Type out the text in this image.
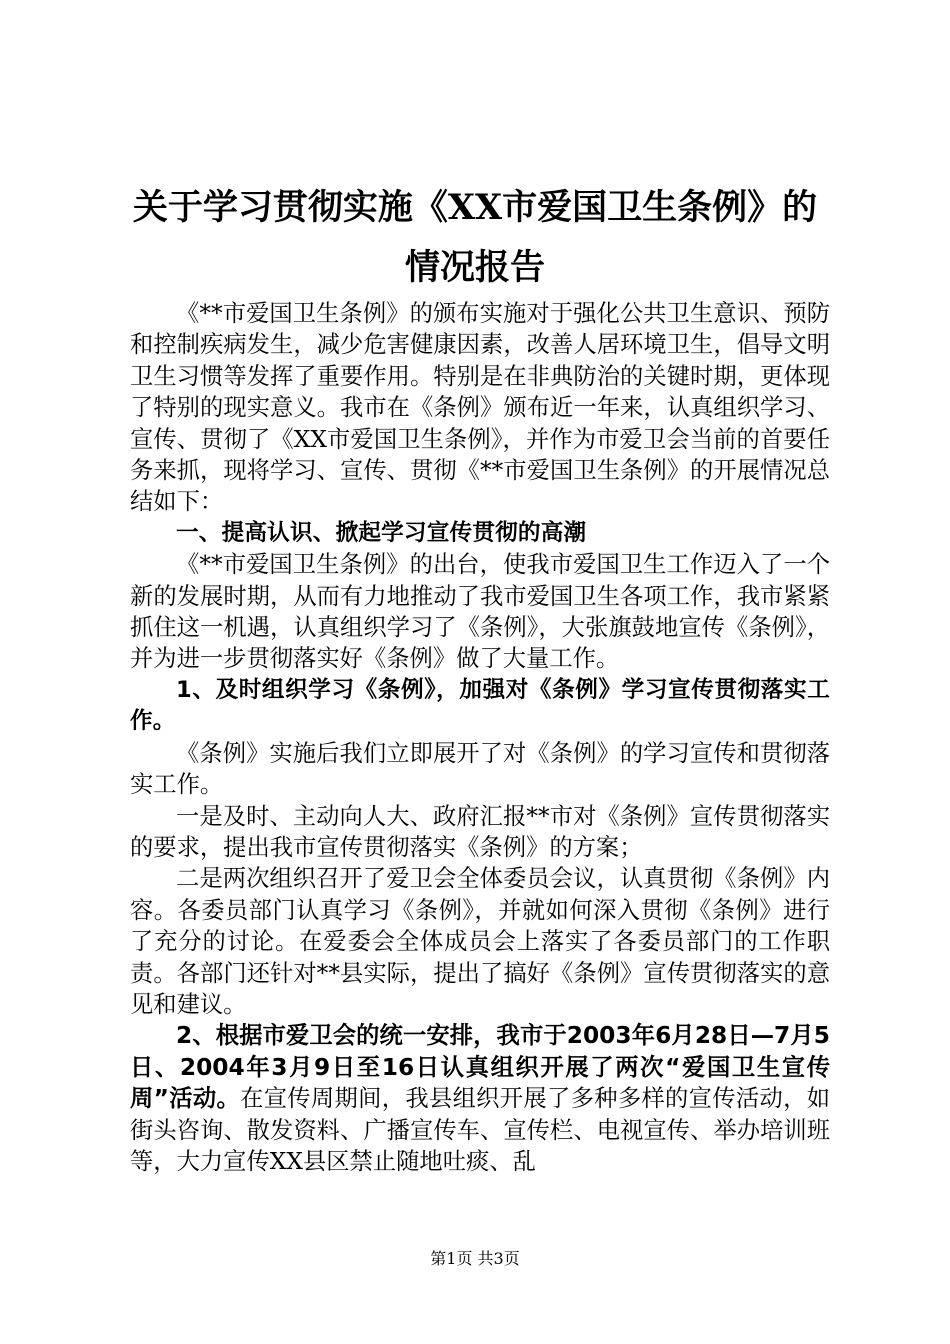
关于学习贯彻实施《XX市爱国卫生条例》的
情况报告

《**市爱国卫生条例》的颁布实施对于强化公共卫生意识、预防和控制疾病发生，减少危害健康因素，改善人居环境卫生，倡导文明卫生习惯等发挥了重要作用。特别是在非典防治的关键时期，更体现了特别的现实意义。我市在《条例》颁布近一年来，认真组织学习、宣传、贯彻了《XX市爱国卫生条例》，并作为市爱卫会当前的首要任务来抓，现将学习、宣传、贯彻《**市爱国卫生条例》的开展情况总结如下：

一、提高认识、掀起学习宣传贯彻的高潮

《**市爱国卫生条例》的出台，使我市爱国卫生工作迈入了一个新的发展时期，从而有力地推动了我市爱国卫生各项工作，我市紧紧抓住这一机遇，认真组织学习了《条例》，大张旗鼓地宣传《条例》，并为进一步贯彻落实好《条例》做了大量工作。

1、及时组织学习《条例》，加强对《条例》学习宣传贯彻落实工作。

《条例》实施后我们立即展开了对《条例》的学习宣传和贯彻落实工作。

一是及时、主动向人大、政府汇报**市对《条例》宣传贯彻落实的要求，提出我市宣传贯彻落实《条例》的方案；

二是两次组织召开了爱卫会全体委员会议，认真贯彻《条例》内容。各委员部门认真学习《条例》，并就如何深入贯彻《条例》进行了充分的讨论。在爱委会全体成员会上落实了各委员部门的工作职责。各部门还针对**县实际，提出了搞好《条例》宣传贯彻落实的意见和建议。

2、根据市爱卫会的统一安排，我市于2003年6月28日—7月5日、2004年3月9日至16日认真组织开展了两次“爱国卫生宣传周”活动。在宣传周期间，我县组织开展了多种多样的宣传活动，如街头咨询、散发资料、广播宣传车、宣传栏、电视宣传、举办培训班等，大力宣传XX县区禁止随地吐痰、乱

第1页 共3页
